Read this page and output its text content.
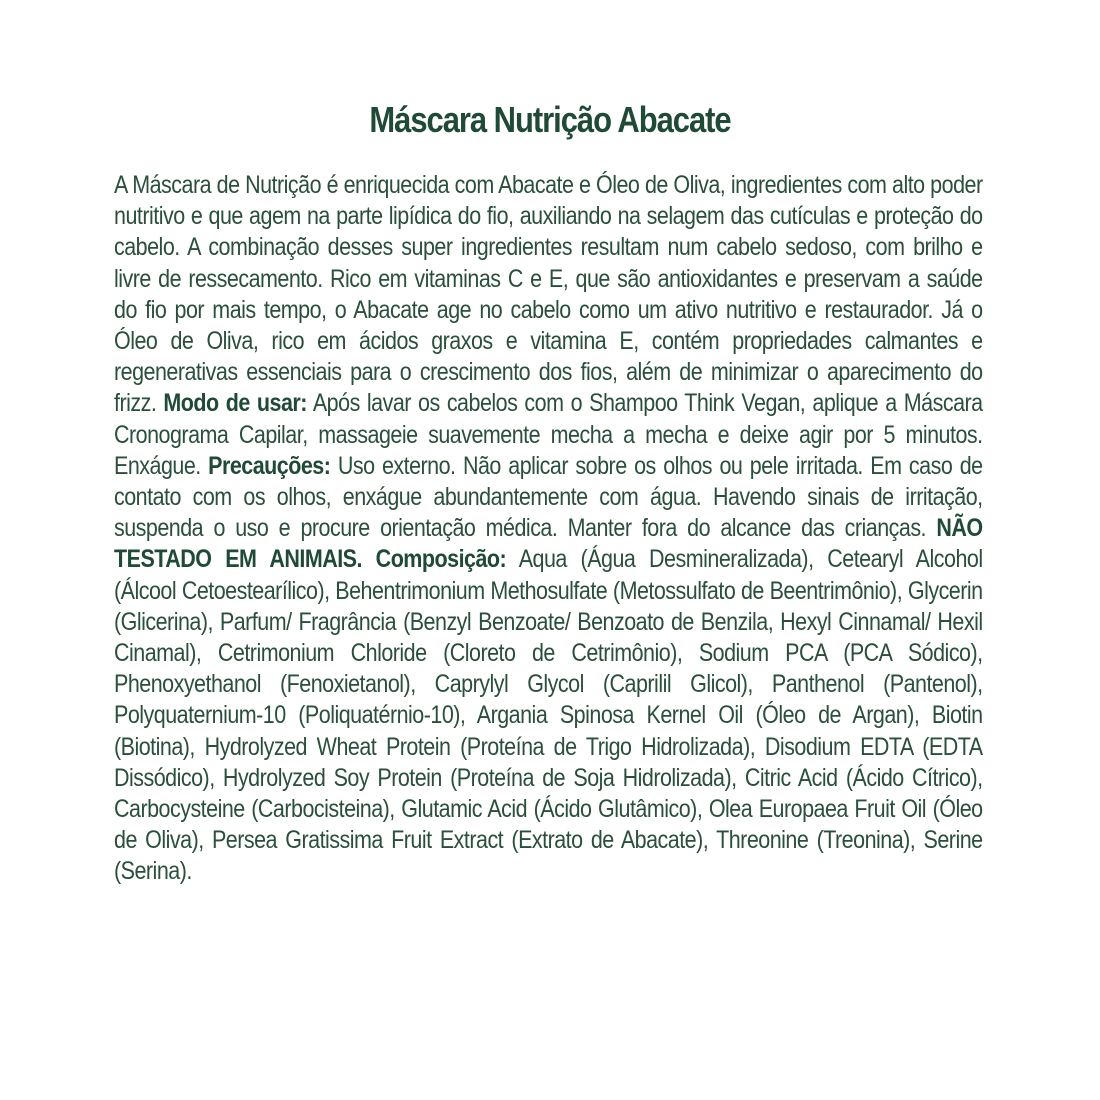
Máscara Nutrição Abacate

A Máscara de Nutrição é enriquecida com Abacate e Óleo de Oliva, ingredientes com alto poder nutritivo e que agem na parte lipídica do fio, auxiliando na selagem das cutículas e proteção do cabelo. A combinação desses super ingredientes resultam num cabelo sedoso, com brilho e livre de ressecamento. Rico em vitaminas C e E, que são antioxidantes e preservam a saúde do fio por mais tempo, o Abacate age no cabelo como um ativo nutritivo e restaurador. Já o Óleo de Oliva, rico em ácidos graxos e vitamina E, contém propriedades calmantes e regenerativas essenciais para o crescimento dos fios, além de minimizar o aparecimento do frizz. Modo de usar: Após lavar os cabelos com o Shampoo Think Vegan, aplique a Máscara Cronograma Capilar, massageie suavemente mecha a mecha e deixe agir por 5 minutos. Enxágue. Precauções: Uso externo. Não aplicar sobre os olhos ou pele irritada. Em caso de contato com os olhos, enxágue abundantemente com água. Havendo sinais de irritação, suspenda o uso e procure orientação médica. Manter fora do alcance das crianças. NÃO TESTADO EM ANIMAIS. Composição: Aqua (Água Desmineralizada), Cetearyl Alcohol (Álcool Cetoestearílico), Behentrimonium Methosulfate (Metossulfato de Beentrimônio), Glycerin (Glicerina), Parfum/ Fragrância (Benzyl Benzoate/ Benzoato de Benzila, Hexyl Cinnamal/ Hexil Cinamal), Cetrimonium Chloride (Cloreto de Cetrimônio), Sodium PCA (PCA Sódico), Phenoxyethanol (Fenoxietanol), Caprylyl Glycol (Caprilil Glicol), Panthenol (Pantenol), Polyquaternium-10 (Poliquatérnio-10), Argania Spinosa Kernel Oil (Óleo de Argan), Biotin (Biotina), Hydrolyzed Wheat Protein (Proteína de Trigo Hidrolizada), Disodium EDTA (EDTA Dissódico), Hydrolyzed Soy Protein (Proteína de Soja Hidrolizada), Citric Acid (Ácido Cítrico), Carbocysteine (Carbocisteina), Glutamic Acid (Ácido Glutâmico), Olea Europaea Fruit Oil (Óleo de Oliva), Persea Gratissima Fruit Extract (Extrato de Abacate), Threonine (Treonina), Serine (Serina).
